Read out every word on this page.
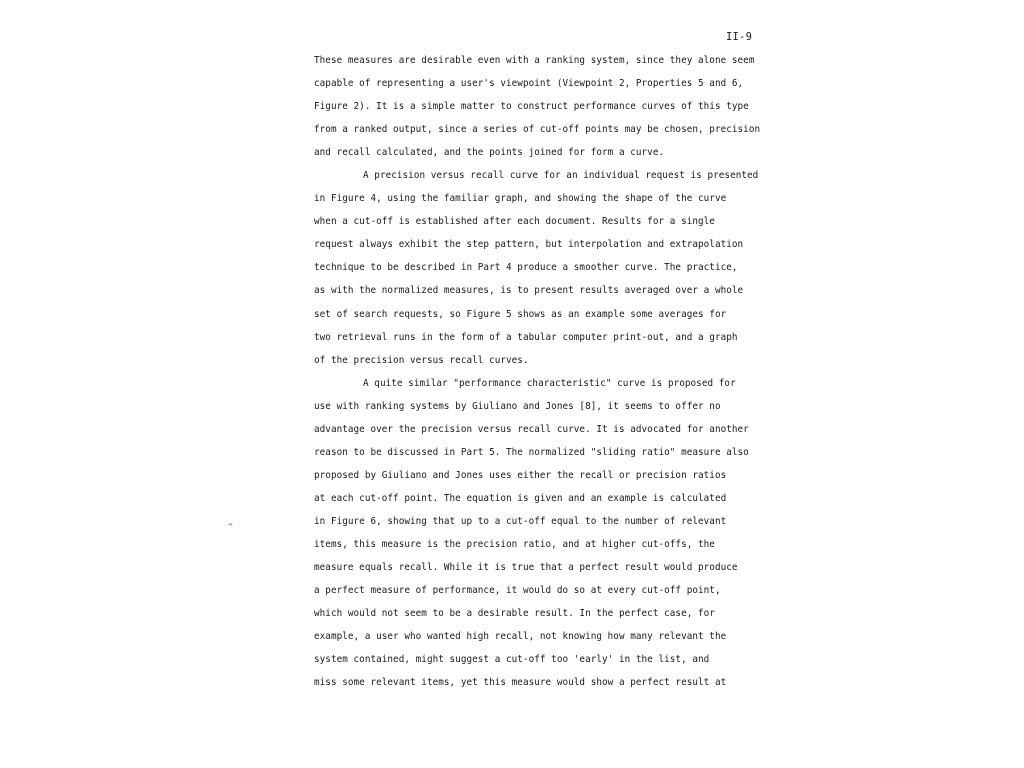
II-9
^
These measures are desirable even with a ranking system, since they alone seem
capable of representing a user's viewpoint (Viewpoint 2, Properties 5 and 6,
Figure 2). It is a simple matter to construct performance curves of this type
from a ranked output, since a series of cut-off points may be chosen, precision
and recall calculated, and the points joined for form a curve.
A precision versus recall curve for an individual request is presented
in Figure 4, using the familiar graph, and showing the shape of the curve
when a cut-off is established after each document. Results for a single
request always exhibit the step pattern, but interpolation and extrapolation
technique to be described in Part 4 produce a smoother curve. The practice,
as with the normalized measures, is to present results averaged over a whole
set of search requests, so Figure 5 shows as an example some averages for
two retrieval runs in the form of a tabular computer print-out, and a graph
of the precision versus recall curves.
A quite similar "performance characteristic" curve is proposed for
use with ranking systems by Giuliano and Jones [8], it seems to offer no
advantage over the precision versus recall curve. It is advocated for another
reason to be discussed in Part 5. The normalized "sliding ratio" measure also
proposed by Giuliano and Jones uses either the recall or precision ratios
at each cut-off point. The equation is given and an example is calculated
in Figure 6, showing that up to a cut-off equal to the number of relevant
items, this measure is the precision ratio, and at higher cut-offs, the
measure equals recall. While it is true that a perfect result would produce
a perfect measure of performance, it would do so at every cut-off point,
which would not seem to be a desirable result. In the perfect case, for
example, a user who wanted high recall, not knowing how many relevant the
system contained, might suggest a cut-off too 'early' in the list, and
miss some relevant items, yet this measure would show a perfect result at
